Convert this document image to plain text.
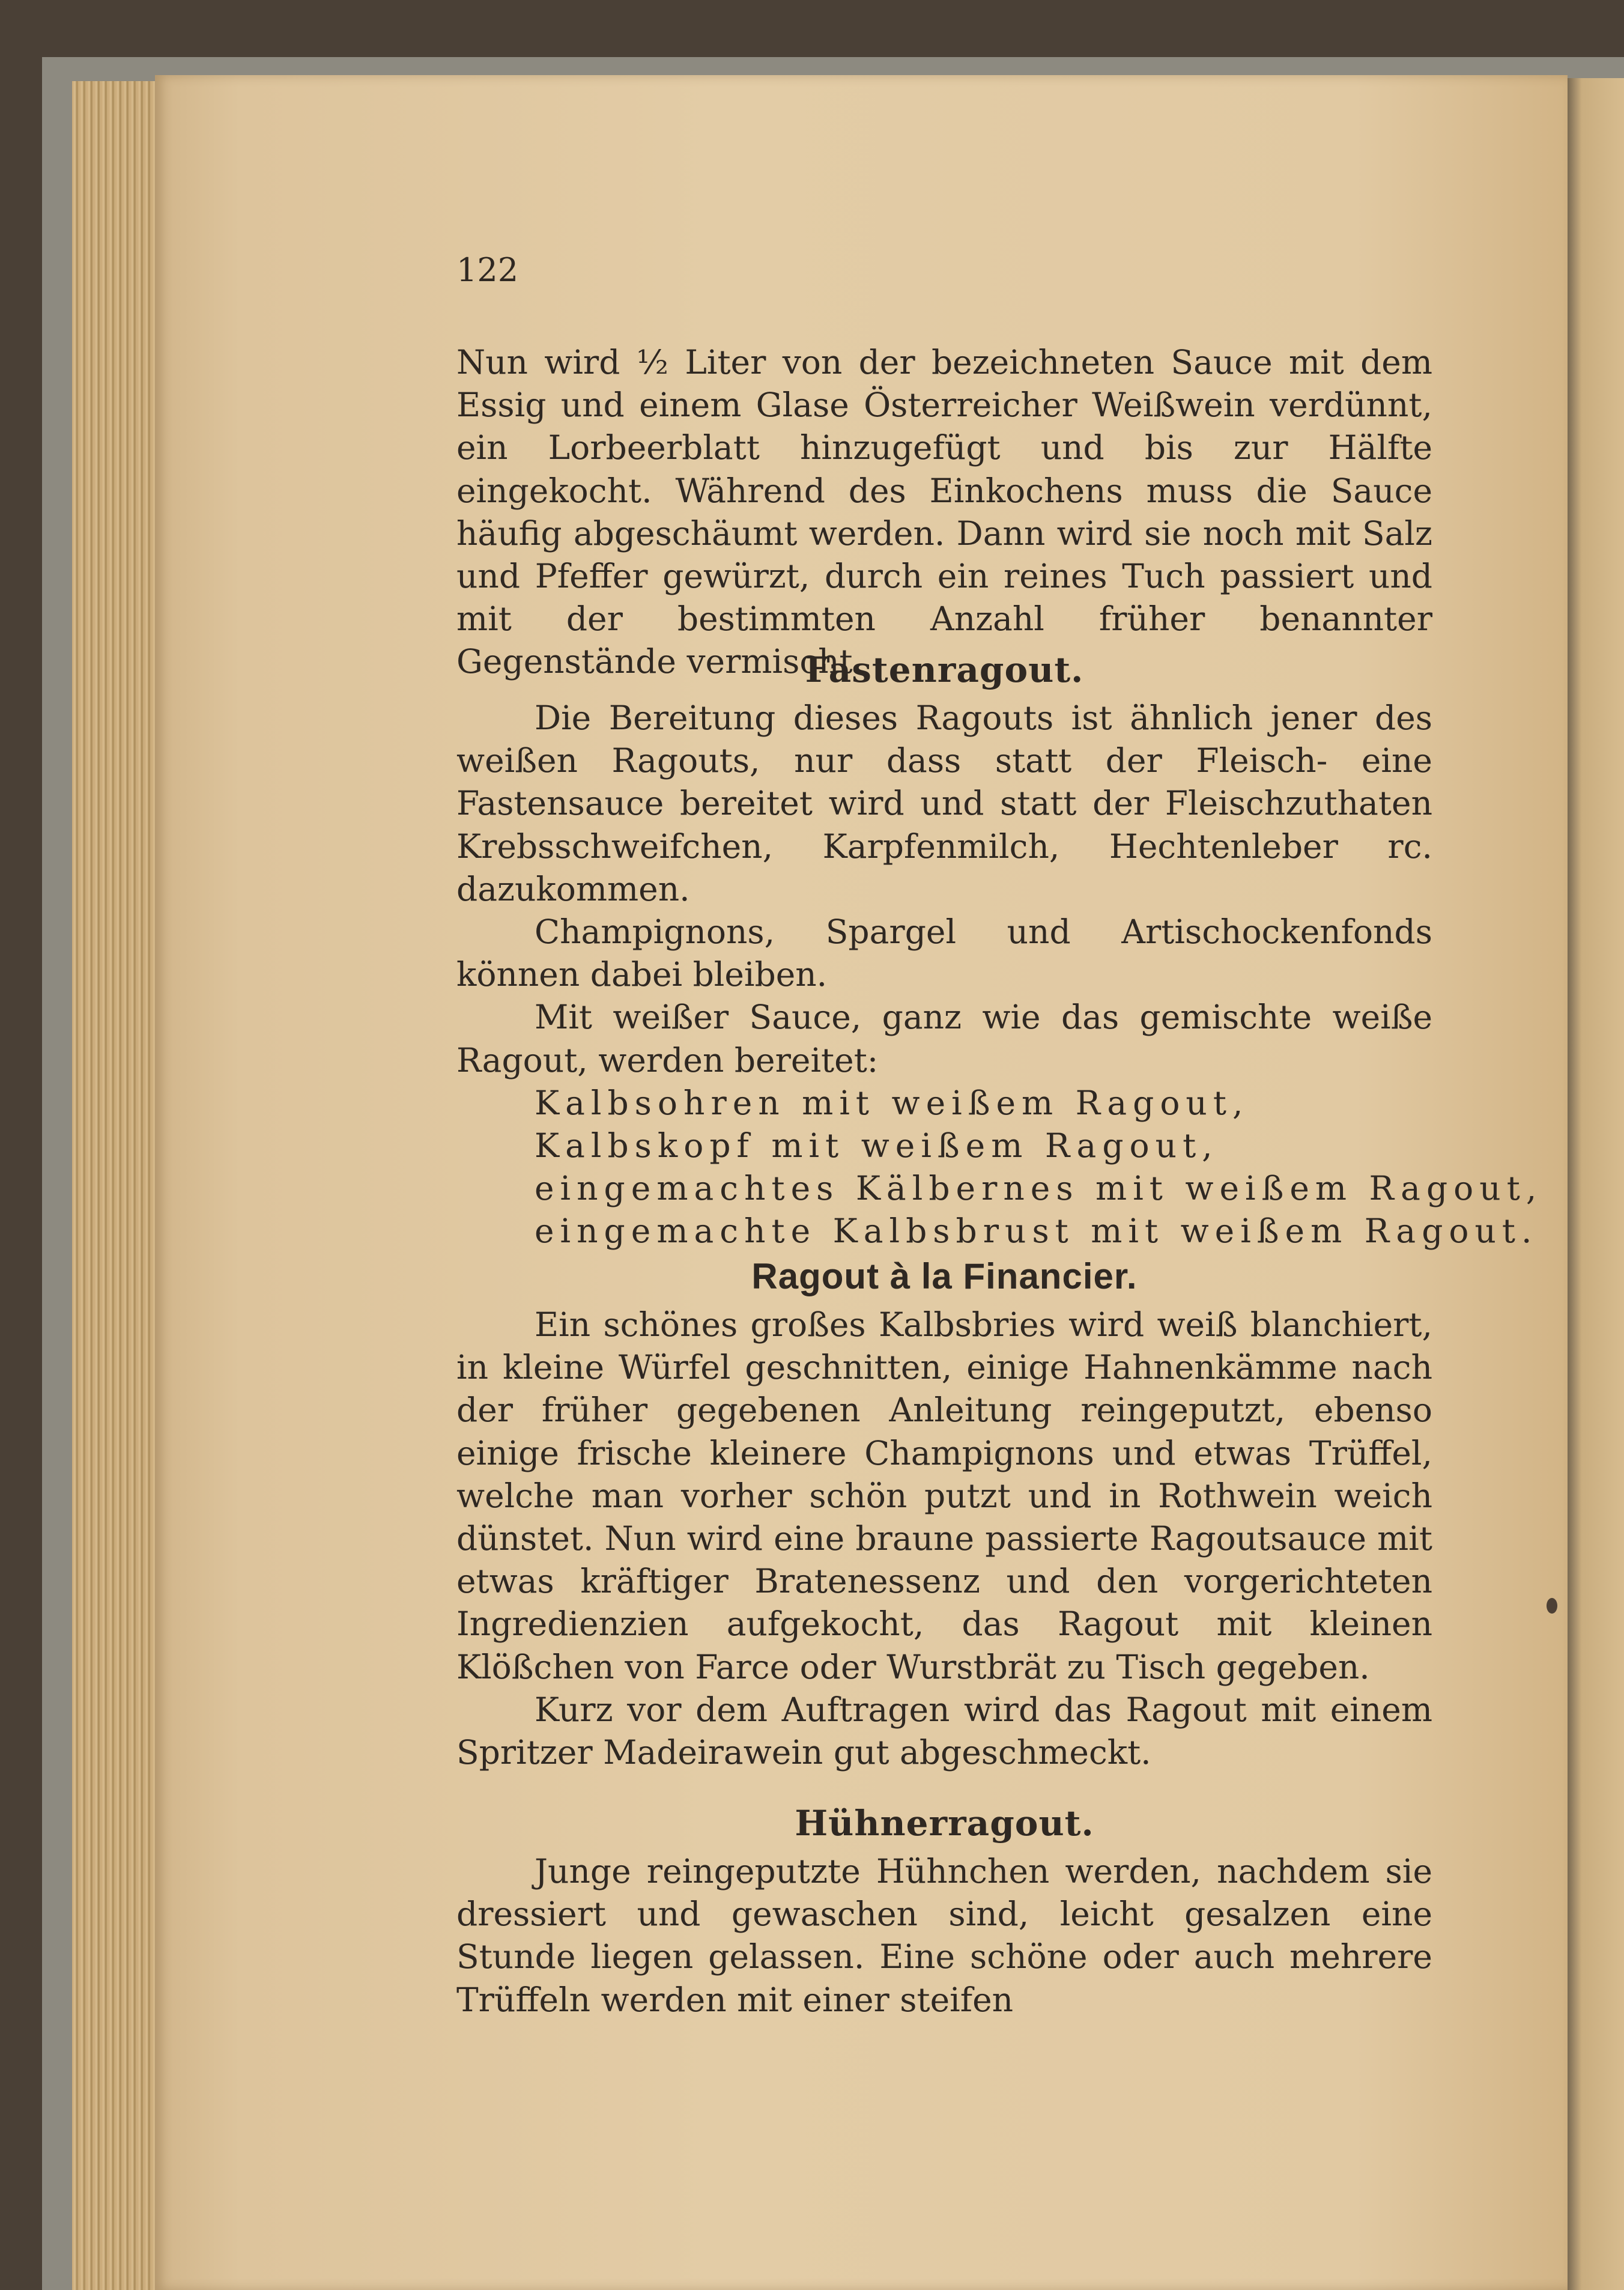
122

Nun wird ½ Liter von der bezeichneten Sauce mit dem Essig und einem Glase Österreicher Weißwein verdünnt, ein Lorbeerblatt hinzugefügt und bis zur Hälfte eingekocht. Während des Einkochens muss die Sauce häufig abgeschäumt werden. Dann wird sie noch mit Salz und Pfeffer gewürzt, durch ein reines Tuch passiert und mit der bestimmten Anzahl früher benannter Gegenstände vermischt.

Fastenragout.

Die Bereitung dieses Ragouts ist ähnlich jener des weißen Ragouts, nur dass statt der Fleisch- eine Fastensauce bereitet wird und statt der Fleischzuthaten Krebsschweifchen, Karpfenmilch, Hechtenleber rc. dazukommen.

Champignons, Spargel und Artischockenfonds können dabei bleiben.

Mit weißer Sauce, ganz wie das gemischte weiße Ragout, werden bereitet:

Kalbsohren mit weißem Ragout,

Kalbskopf mit weißem Ragout,

eingemachtes Kälbernes mit weißem Ragout,

eingemachte Kalbsbrust mit weißem Ragout.

Ragout à la Financier.

Ein schönes großes Kalbsbries wird weiß blanchiert, in kleine Würfel geschnitten, einige Hahnenkämme nach der früher gegebenen Anleitung reingeputzt, ebenso einige frische kleinere Champignons und etwas Trüffel, welche man vorher schön putzt und in Rothwein weich dünstet. Nun wird eine braune passierte Ragoutsauce mit etwas kräftiger Bratenessenz und den vorgerichteten Ingredienzien aufgekocht, das Ragout mit kleinen Klößchen von Farce oder Wurstbrät zu Tisch gegeben.

Kurz vor dem Auftragen wird das Ragout mit einem Spritzer Madeirawein gut abgeschmeckt.

Hühnerragout.

Junge reingeputzte Hühnchen werden, nachdem sie dressiert und gewaschen sind, leicht gesalzen eine Stunde liegen gelassen. Eine schöne oder auch mehrere Trüffeln werden mit einer steifen
